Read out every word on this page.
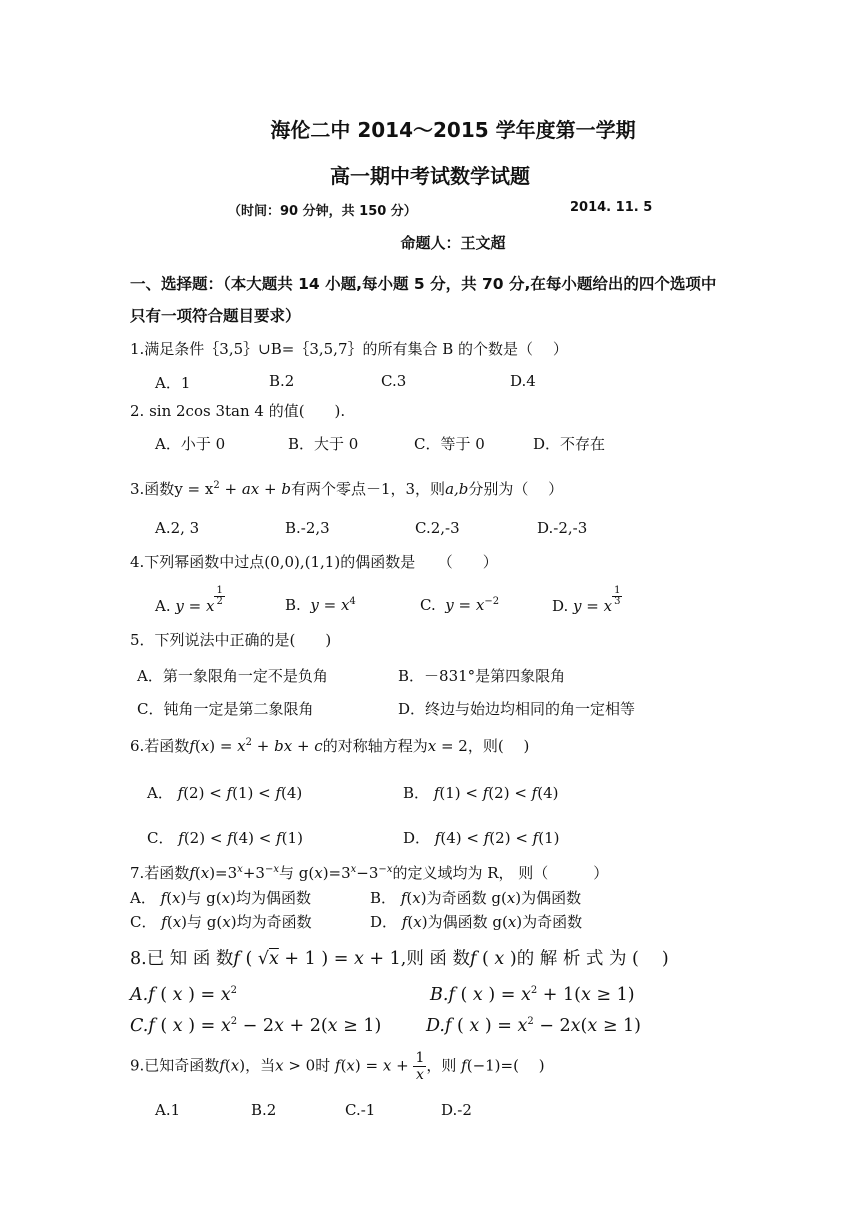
海伦二中 2014～2015 学年度第一学期
高一期中考试数学试题
（时间：90 分钟，共 150 分）	2014. 11. 5
命题人：王文超
一、选择题：（本大题共 14 小题,每小题 5 分，共 70 分,在每小题给出的四个选项中
只有一项符合题目要求）
1.满足条件｛3,5｝∪B=｛3,5,7｝的所有集合 B 的个数是（　 ）
A．1	B.2	C.3	D.4
2. sin 2cos 3tan 4 的值(　　).
A．小于 0	B．大于 0	C．等于 0	D．不存在
3.函数$y = x^2$ + ax + b有两个零点－1，3，则a,b分别为（　 ）
A.2, 3	B.-2,3	C.2,-3	D.-2,-3
4.下列幂函数中过点(0,0),(1,1)的偶函数是　　（　　）
A. y = x $^{\frac{1}{2}}$	B. $y = x^4$	C. $y = x^{-2}$	D. y = x $^{\frac{1}{3}}$
5．下列说法中正确的是(　　)
A．第一象限角一定不是负角	B．－831°是第四象限角
C．钝角一定是第二象限角	D．终边与始边均相同的角一定相等
6.若函数$f(x) = x^2$ + bx + c的对称轴方程为x = 2，则(　 )
A． f(2) < f(1) < f(4)	B． f(1) < f(2) < f(4)
C． f(2) < f(4) < f(1)	D． f(4) < f(2) < f(1)
7.若函数$f(x)=3^x+3^{-x}$与 $g(x)=3^x-3^{-x}$的定义域均为 R， 则（　　　）
A． f(x)与 g(x)均为偶函数	B． f(x)为奇函数 g(x)为偶函数
C． f(x)与 g(x)均为奇函数	D． f(x)为偶函数 g(x)为奇函数
8.已 知 函 数f ( √x + 1 ) = x + 1,则 函 数f ( x )的 解 析 式 为 (　 )
A.f ( x ) = $x^2$	B.f ( x ) = $x^2 + 1(x \ge 1)$
C.f ( x ) = $x^2 - 2x + 2(x \ge 1)$	D.f ( x ) = $x^2 - 2x(x \ge 1)$
9.已知奇函数f(x)，当x > 0时 $f(x) = x + \frac{1}{x}$ ，则 f(−1)=(　 )
A.1	B.2	C.-1	D.-2
